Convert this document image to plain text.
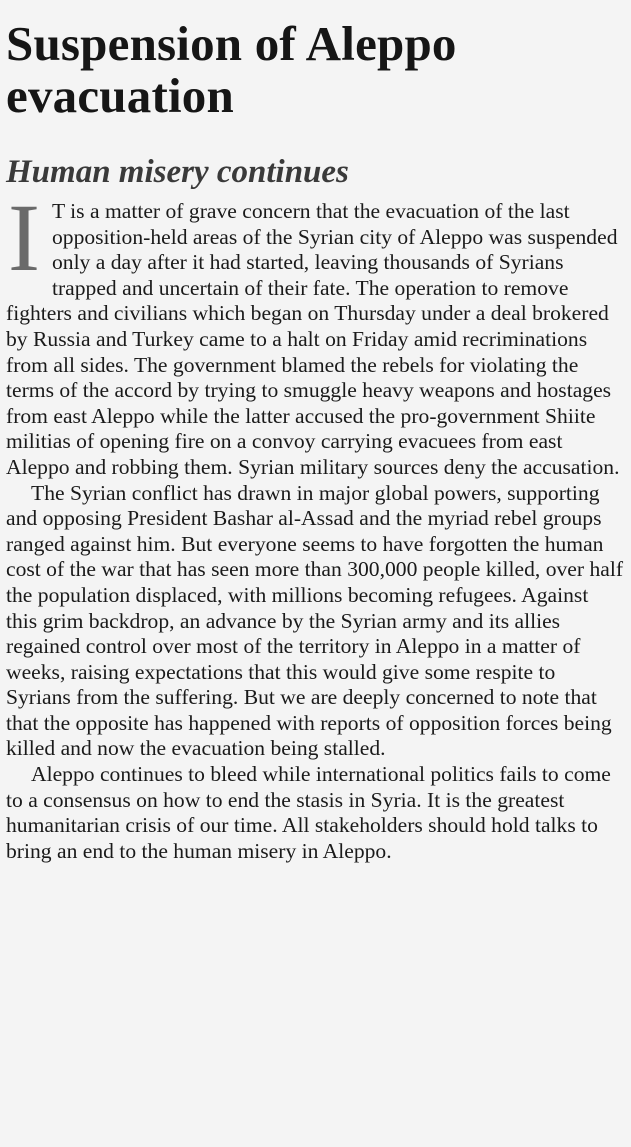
Suspension of Aleppo evacuation
Human misery continues

I T is a matter of grave concern that the evacuation of the last opposition-held areas of the Syrian city of Aleppo was suspended only a day after it had started, leaving thousands of Syrians trapped and uncertain of their fate. The operation to remove fighters and civilians which began on Thursday under a deal brokered by Russia and Turkey came to a halt on Friday amid recriminations from all sides. The government blamed the rebels for violating the terms of the accord by trying to smuggle heavy weapons and hostages from east Aleppo while the latter accused the pro-government Shiite militias of opening fire on a convoy carrying evacuees from east Aleppo and robbing them. Syrian military sources deny the accusation.

The Syrian conflict has drawn in major global powers, supporting and opposing President Bashar al-Assad and the myriad rebel groups ranged against him. But everyone seems to have forgotten the human cost of the war that has seen more than 300,000 people killed, over half the population displaced, with millions becoming refugees. Against this grim backdrop, an advance by the Syrian army and its allies regained control over most of the territory in Aleppo in a matter of weeks, raising expectations that this would give some respite to Syrians from the suffering. But we are deeply concerned to note that that the opposite has happened with reports of opposition forces being killed and now the evacuation being stalled.

Aleppo continues to bleed while international politics fails to come to a consensus on how to end the stasis in Syria. It is the greatest humanitarian crisis of our time. All stakeholders should hold talks to bring an end to the human misery in Aleppo.
